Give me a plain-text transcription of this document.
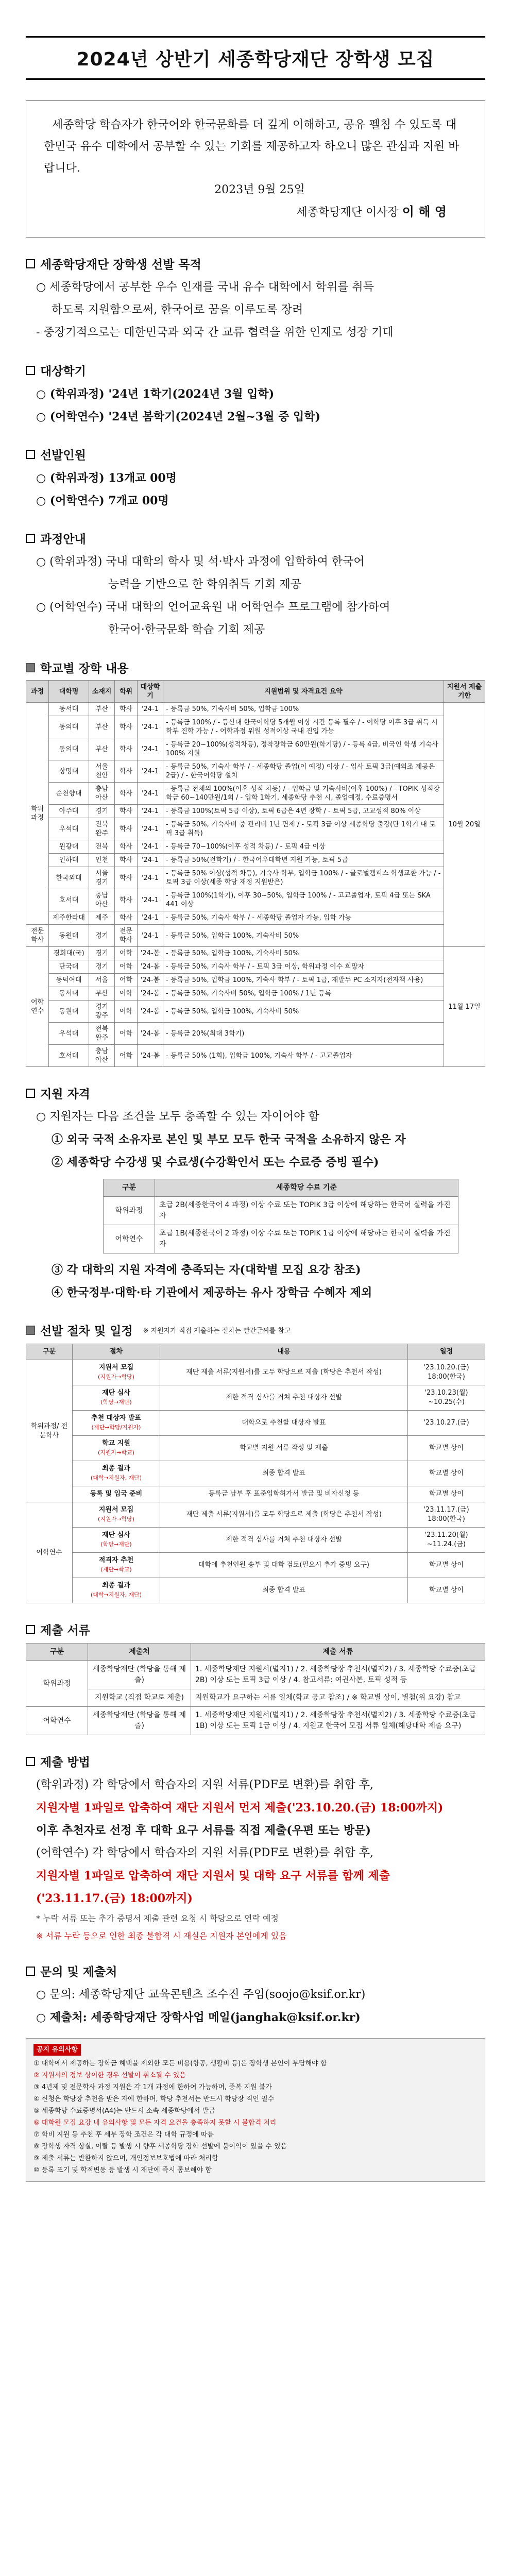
2024년 상반기 세종학당재단 장학생 모집

세종학당 학습자가 한국어와 한국문화를 더 깊게 이해하고, 공유 펠침 수 있도록 대한민국 유수 대학에서 공부할 수 있는 기회를 제공하고자 하오니 많은 관심과 지원 바랍니다.

2023년 9월 25일

세종학당재단 이사장 이 해 영

세종학당재단 장학생 선발 목적
○ 세종학당에서 공부한 우수 인재를 국내 유수 대학에서 학위를 취득
하도록 지원함으로써, 한국어로 꿈을 이루도록 장려
- 중장기적으로는 대한민국과 외국 간 교류 협력을 위한 인재로 성장 기대
대상학기
○ (학위과정) '24년 1학기(2024년 3월 입학)
○ (어학연수) '24년 봄학기(2024년 2월~3월 중 입학)
선발인원
○ (학위과정) 13개교 00명
○ (어학연수) 7개교 00명
과정안내
○ (학위과정) 국내 대학의 학사 및 석·박사 과정에 입학하여 한국어
능력을 기반으로 한 학위취득 기회 제공
○ (어학연수) 국내 대학의 언어교육원 내 어학연수 프로그램에 참가하여
한국어·한국문화 학습 기회 제공
학교별 장학 내용
과정	대학명	소재지	학위	대상학기	지원범위 및 자격요건 요약	지원서 제출 기한
학위 과정	동서대	부산	학사	'24-1	- 등록금 50%, 기숙사비 50%, 입학금 100%	10월 20일
	동의대	부산	학사	'24-1	- 등록금 100% / - 등산대 한국어학당 5개월 이상 시간 등록 필수 / - 어학당 이후 3급 취득 시 학부 진학 가능 / - 어학과정 위원 성적이상 국내 진입 가능	
	동의대	부산	학사	'24-1	- 등록금 20~100%(성적차등), 정착장학금 60만원(학기당) / - 등록 4급, 비국인 학생 기숙사 100% 지원	
	상명대	서울 천안	학사	'24-1	- 등록금 50%, 기숙사 학부 / - 세종학당 졸업(이 예정) 이상 / - 입사 토픽 3급(예외조 제공은 2급) / - 한국어학당 설치	
	순천향대	충남 아산	학사	'24-1	- 등록금 전체의 100%(이후 성적 차등) / - 입학금 및 기숙사비(이후 100%) / - TOPIK 성적장학금 60~140만원/1회 / - 입학 1학기, 세종학당 추천 시, 졸업예정, 수료증명서	
	아주대	경기	학사	'24-1	- 등록금 100%(토픽 5급 이상), 토픽 6급은 4년 장학 / - 토픽 5급, 고교성적 80% 이상	
	우석대	전북 완주	학사	'24-1	- 등록금 50%, 기숙사비 중 관리비 1년 면제 / - 토픽 3급 이상 세종학당 출강(단 1학기 내 토픽 3급 취득)	
	원광대	전북	학사	'24-1	- 등록금 70~100%(이후 성적 차등) / - 토픽 4급 이상	
	인하대	인천	학사	'24-1	- 등록금 50%(전학기) / - 한국어우대학년 지원 가능, 토픽 5급	
	한국외대	서울 경기	학사	'24-1	- 등록금 50% 이상(성적 차등), 기숙사 학부, 입학금 100% / - 글로벌캠퍼스 학생교환 가능 / - 토픽 3급 이상(세종 학당 재정 지원받은)	
	호서대	충남 아산	학사	'24-1	- 등록금 100%(1학기), 이후 30~50%, 입학금 100% / - 고교졸업자, 토픽 4급 또는 SKA 441 이상	
	제주한라대	제주	학사	'24-1	- 등록금 50%, 기숙사 학부 / - 세종학당 졸업자 가능, 입학 가능	
전문 학사	동원대	경기	전문학사	'24-1	- 등록금 50%, 입학금 100%, 기숙사비 50%	
어학 연수	경희대(국)	경기	어학	'24-봄	- 등록금 50%, 입학금 100%, 기숙사비 50%	11월 17일
	단국대	경기	어학	'24-봄	- 등록금 50%, 기숙사 학부 / - 토픽 3급 이상, 학위과정 이수 희망자	
	동덕여대	서울	어학	'24-봄	- 등록금 50%, 입학금 100%, 기숙사 학부 / - 토픽 1급, 재발두 PC 소지자(전자책 사용)	
	동서대	부산	어학	'24-봄	- 등록금 50%, 기숙사비 50%, 입학금 100% / 1년 등록	
	동원대	경기 광주	어학	'24-봄	- 등록금 50%, 입학금 100%, 기숙사비 50%	
	우석대	전북 완주	어학	'24-봄	- 등록금 20%(최대 3학기)	
	호서대	충남 아산	어학	'24-봄	- 등록금 50% (1회), 입학금 100%, 기숙사 학부 / - 고교졸업자	
지원 자격
○ 지원자는 다음 조건을 모두 충족할 수 있는 자이어야 함
① 외국 국적 소유자로 본인 및 부모 모두 한국 국적을 소유하지 않은 자
② 세종학당 수강생 및 수료생(수강확인서 또는 수료증 증빙 필수)
구분	세종학당 수료 기준
학위과정	초급 2B(세종한국어 4 과정) 이상 수료 또는 TOPIK 3급 이상에 해당하는 한국어 실력을 가진 자
어학연수	초급 1B(세종한국어 2 과정) 이상 수료 또는 TOPIK 1급 이상에 해당하는 한국어 실력을 가진 자
③ 각 대학의 지원 자격에 충족되는 자(대학별 모집 요강 참조)
④ 한국정부·대학·타 기관에서 제공하는 유사 장학금 수혜자 제외
선발 절차 및 일정 ※ 지원자가 직접 제출하는 절차는 빨간글씨를 참고
구분	절차	내용	일정
학위과정/ 전문학사	지원서 모집
(지원자→학당)	재단 제출 서류(지원서)를 모두 학당으로 제출 (학당은 추천서 작성)	'23.10.20.(금) 18:00(한국)
	재단 심사
(학당→재단)	제한 적격 심사를 거쳐 추천 대상자 선발	'23.10.23(월) ~10.25(수)
	추천 대상자 발표
(재단→학당/지원자)	대학으로 추천할 대상자 발표	'23.10.27.(금)
	학교 지원
(지원자→학교)	학교별 지원 서류 작성 및 제출	학교별 상이
	최종 결과
(대학→지원자, 재단)	최종 합격 발표	학교별 상이
	등록 및 입국 준비	등록금 납부 후 표준입학허가서 발급 및 비자신청 등	학교별 상이
어학연수	지원서 모집
(지원자→학당)	재단 제출 서류(지원서)를 모두 학당으로 제출 (학당은 추천서 작성)	'23.11.17.(금) 18:00(한국)
	재단 심사
(학당→재단)	제한 적격 심사를 거쳐 추천 대상자 선발	'23.11.20(월) ~11.24.(금)
	적격자 추천
(재단→학교)	대학에 추천인원 송부 및 대학 검토(필요시 추가 증빙 요구)	학교별 상이
	최종 결과
(대학→지원자, 재단)	최종 합격 발표	학교별 상이
제출 서류
구분	제출처	제출 서류
학위과정	세종학당재단 (학당을 통해 제출)	1. 세종학당재단 지원서(별지1) / 2. 세종학당장 추천서(별지2) / 3. 세종학당 수료증(초급2B) 이상 또는 토픽 3급 이상 / 4. 참고서류: 여권사본, 토픽 성적 등
	지원학교 (직접 학교로 제출)	지원학교가 요구하는 서류 일체(학교 공고 참조) / ※ 학교별 상이, 별첨(위 요강) 참고
어학연수	세종학당재단 (학당을 통해 제출)	1. 세종학당재단 지원서(별지1) / 2. 세종학당장 추천서(별지2) / 3. 세종학당 수료증(초급1B) 이상 또는 토픽 1급 이상 / 4. 지원교 한국어 모집 서류 일체(해당대학 제출 요구)
제출 방법
(학위과정) 각 학당에서 학습자의 지원 서류(PDF로 변환)를 취합 후,
지원자별 1파일로 압축하여 재단 지원서 먼저 제출('23.10.20.(금) 18:00까지)
이후 추천자로 선정 후 대학 요구 서류를 직접 제출(우편 또는 방문)
(어학연수) 각 학당에서 학습자의 지원 서류(PDF로 변환)를 취합 후,
지원자별 1파일로 압축하여 재단 지원서 및 대학 요구 서류를 함께 제출
('23.11.17.(금) 18:00까지)
* 누락 서류 또는 추가 증명서 제출 관련 요청 시 학당으로 연락 예정
※ 서류 누락 등으로 인한 최종 불합격 시 재실은 지원자 본인에게 있음
문의 및 제출처
○ 문의: 세종학당재단 교육콘텐츠 조수진 주임(soojo@ksif.or.kr)
○ 제출처: 세종학당재단 장학사업 메일(janghak@ksif.or.kr)
공지 유의사항
① 대학에서 제공하는 장학금 혜택을 제외한 모든 비용(항공, 생활비 등)은 장학생 본인이 부담해야 함
② 지원서의 정보 상이한 경우 선발이 취소될 수 있음
③ 4년제 및 전문학사 과정 지원은 각 1개 과정에 한하여 가능하며, 중복 지원 불가
④ 신청은 학당장 추천을 받은 자에 한하며, 학당 추천서는 반드시 학당장 직인 필수
⑤ 세종학당 수료증명서(A4)는 반드시 소속 세종학당에서 발급
⑥ 대학원 모집 요강 내 유의사항 및 모든 자격 요건을 충족하지 못할 시 불합격 처리
⑦ 학비 지원 등 추천 후 세부 장학 조건은 각 대학 규정에 따름
⑧ 장학생 자격 상실, 이탈 등 발생 시 향후 세종학당 장학 선발에 불이익이 있을 수 있음
⑨ 제출 서류는 반환하지 않으며, 개인정보보호법에 따라 처리함
⑩ 등록 포기 및 학적변동 등 발생 시 재단에 즉시 통보해야 함
